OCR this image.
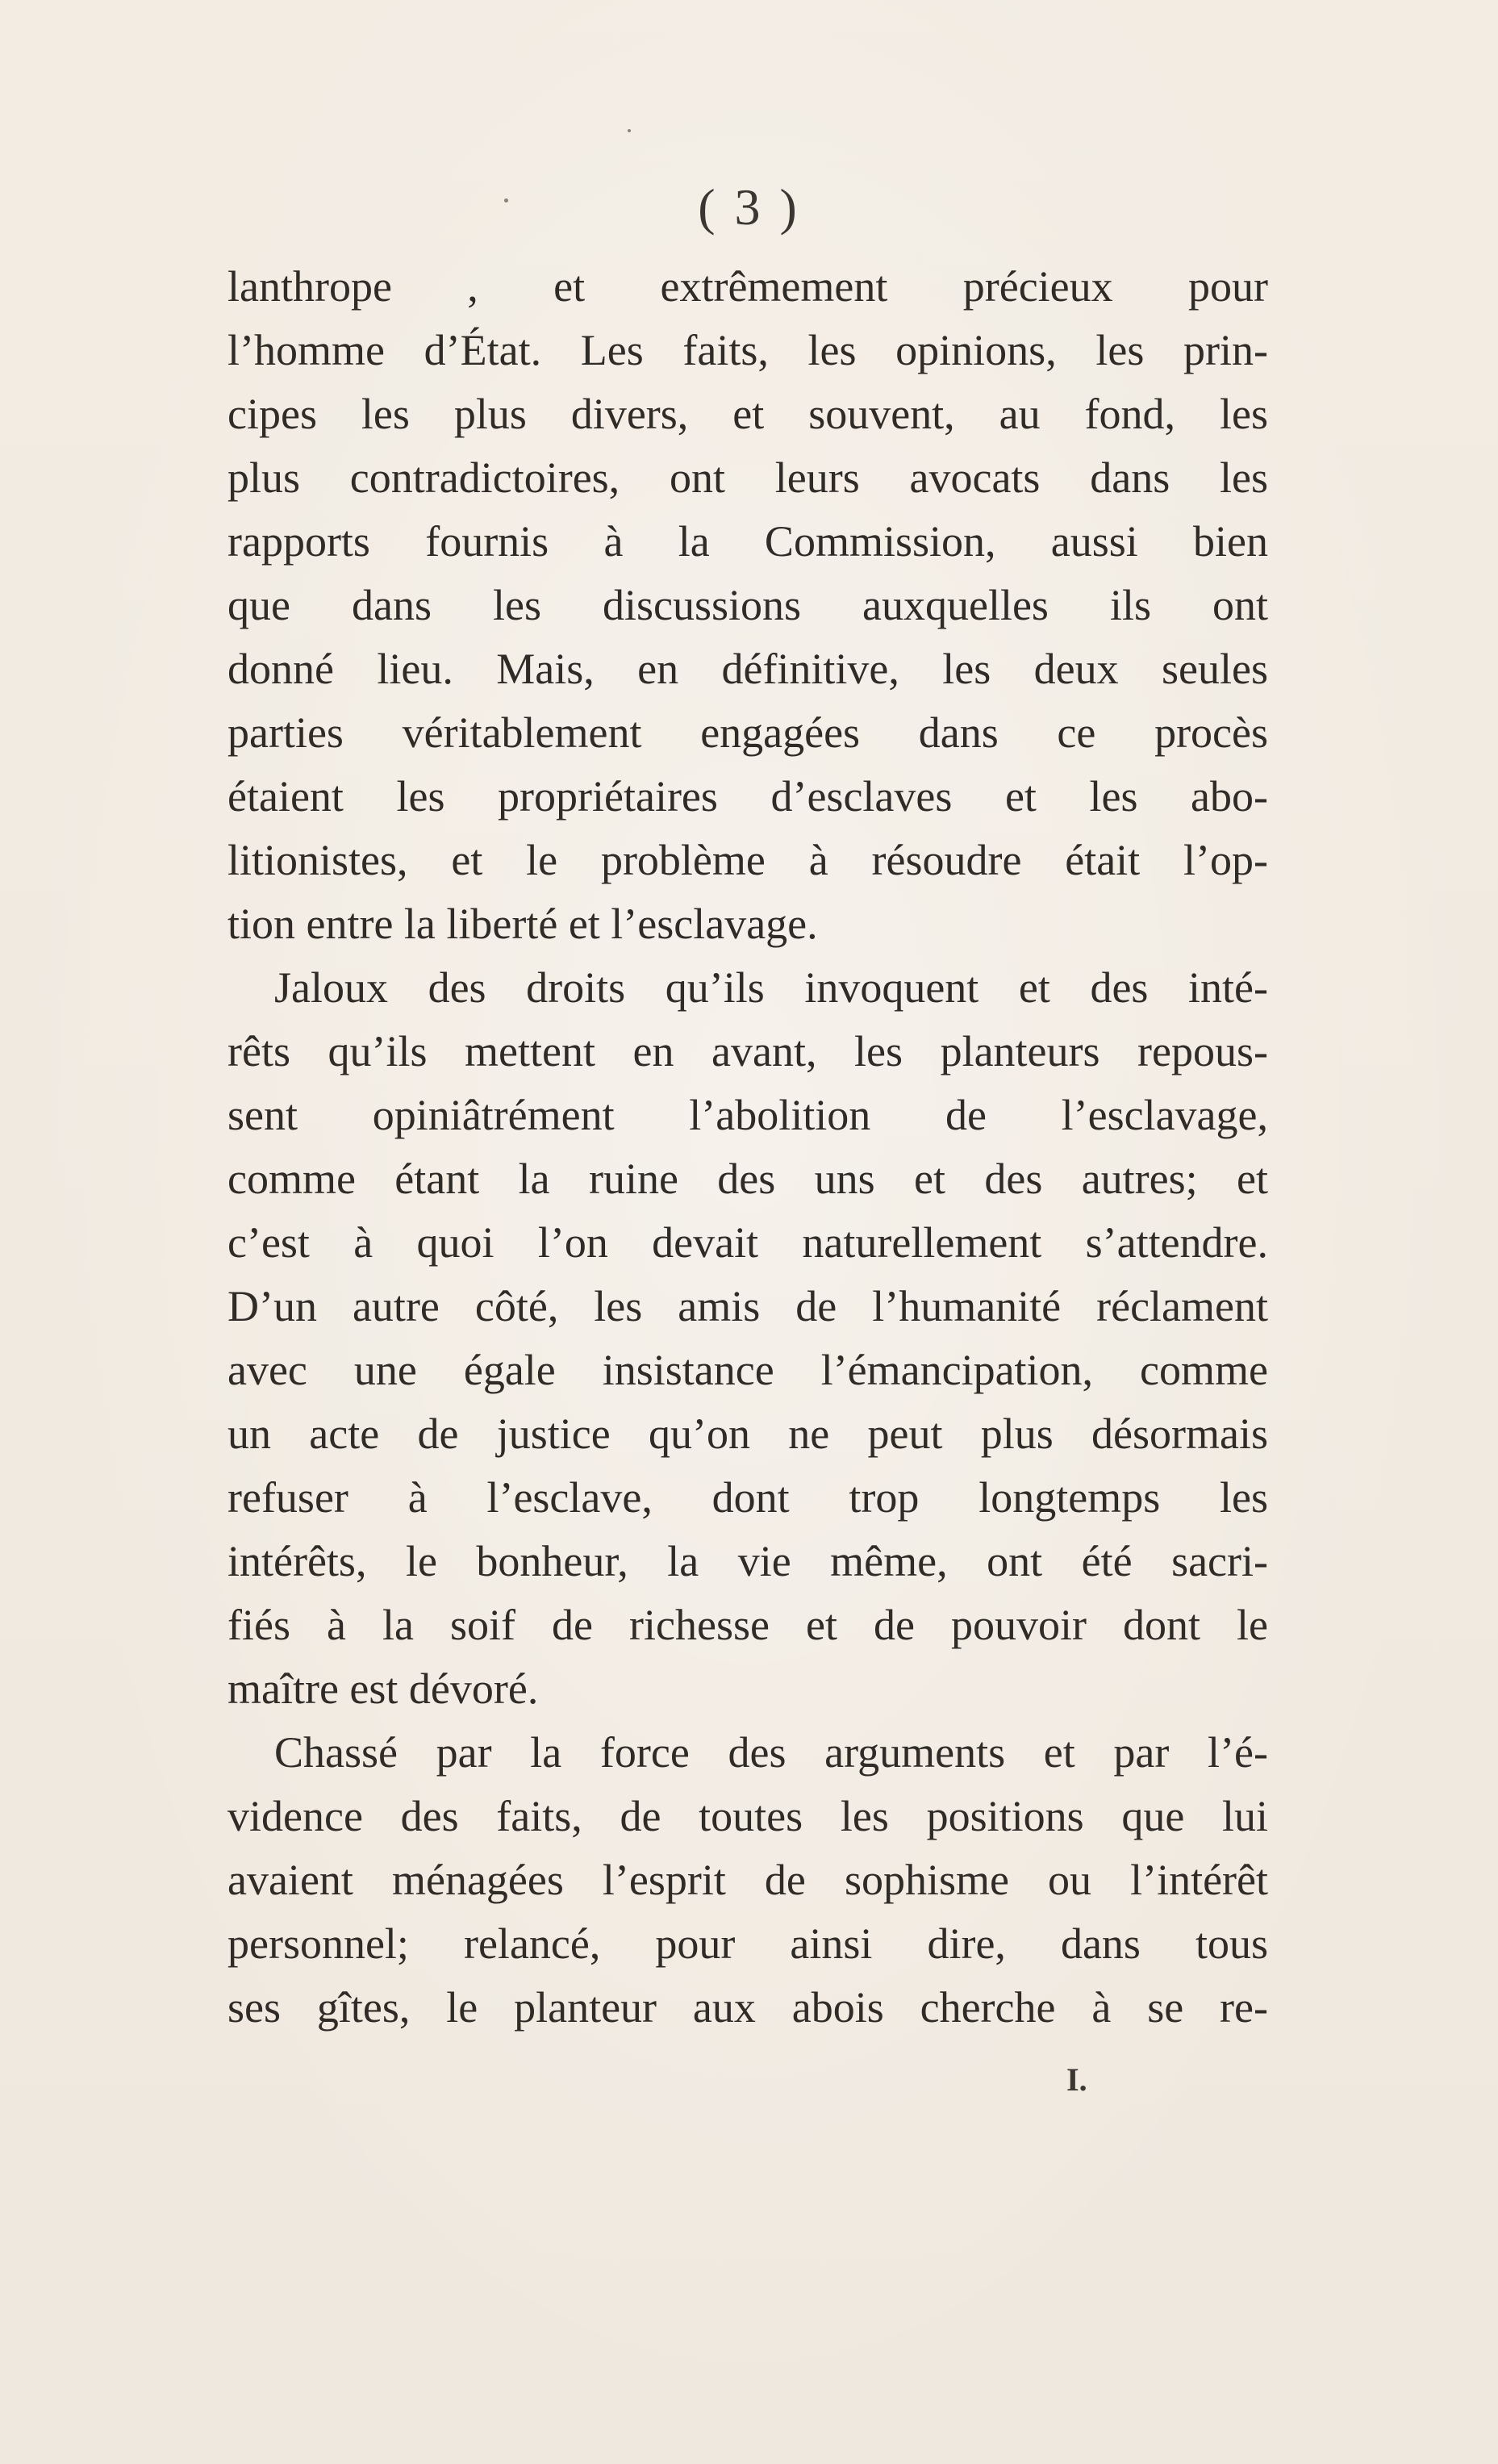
( 3 )
lanthrope , et extrêmement précieux pour
l’homme d’État. Les faits, les opinions, les prin-
cipes les plus divers, et souvent, au fond, les
plus contradictoires, ont leurs avocats dans les
rapports fournis à la Commission, aussi bien
que dans les discussions auxquelles ils ont
donné lieu. Mais, en définitive, les deux seules
parties véritablement engagées dans ce procès
étaient les propriétaires d’esclaves et les abo-
litionistes, et le problème à résoudre était l’op-
tion entre la liberté et l’esclavage.
Jaloux des droits qu’ils invoquent et des inté-
rêts qu’ils mettent en avant, les planteurs repous-
sent opiniâtrément l’abolition de l’esclavage,
comme étant la ruine des uns et des autres; et
c’est à quoi l’on devait naturellement s’attendre.
D’un autre côté, les amis de l’humanité réclament
avec une égale insistance l’émancipation, comme
un acte de justice qu’on ne peut plus désormais
refuser à l’esclave, dont trop longtemps les
intérêts, le bonheur, la vie même, ont été sacri-
fiés à la soif de richesse et de pouvoir dont le
maître est dévoré.
Chassé par la force des arguments et par l’é-
vidence des faits, de toutes les positions que lui
avaient ménagées l’esprit de sophisme ou l’intérêt
personnel; relancé, pour ainsi dire, dans tous
ses gîtes, le planteur aux abois cherche à se re-
I.
